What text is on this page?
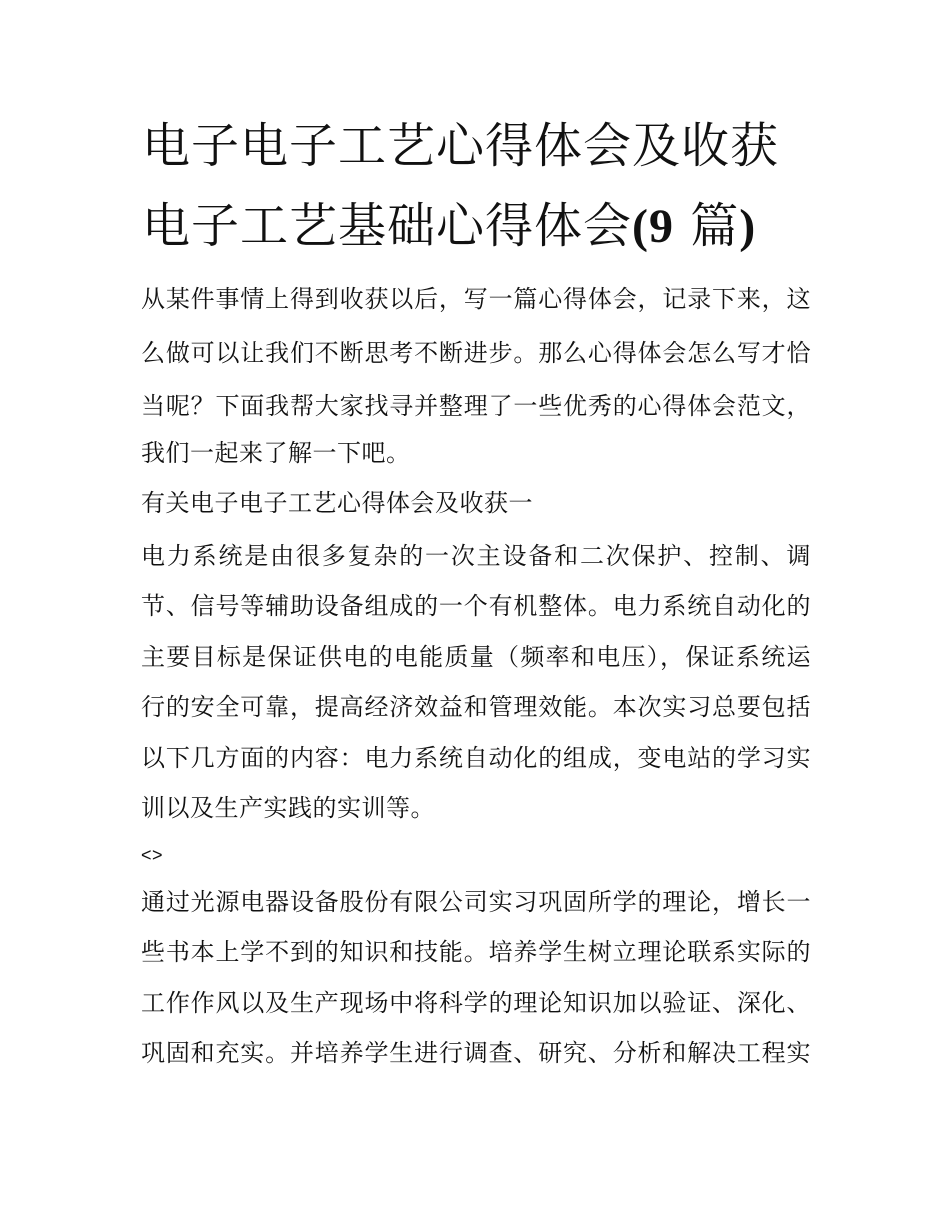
电子电子工艺心得体会及收获
电子工艺基础心得体会(9 篇)

从某件事情上得到收获以后，写一篇心得体会，记录下来，这

么做可以让我们不断思考不断进步。那么心得体会怎么写才恰

当呢？下面我帮大家找寻并整理了一些优秀的心得体会范文，

我们一起来了解一下吧。

有关电子电子工艺心得体会及收获一

电力系统是由很多复杂的一次主设备和二次保护、控制、调

节、信号等辅助设备组成的一个有机整体。电力系统自动化的

主要目标是保证供电的电能质量（频率和电压），保证系统运

行的安全可靠，提高经济效益和管理效能。本次实习总要包括

以下几方面的内容：电力系统自动化的组成，变电站的学习实

训以及生产实践的实训等。

<>

通过光源电器设备股份有限公司实习巩固所学的理论，增长一

些书本上学不到的知识和技能。培养学生树立理论联系实际的

工作作风以及生产现场中将科学的理论知识加以验证、深化、

巩固和充实。并培养学生进行调查、研究、分析和解决工程实
